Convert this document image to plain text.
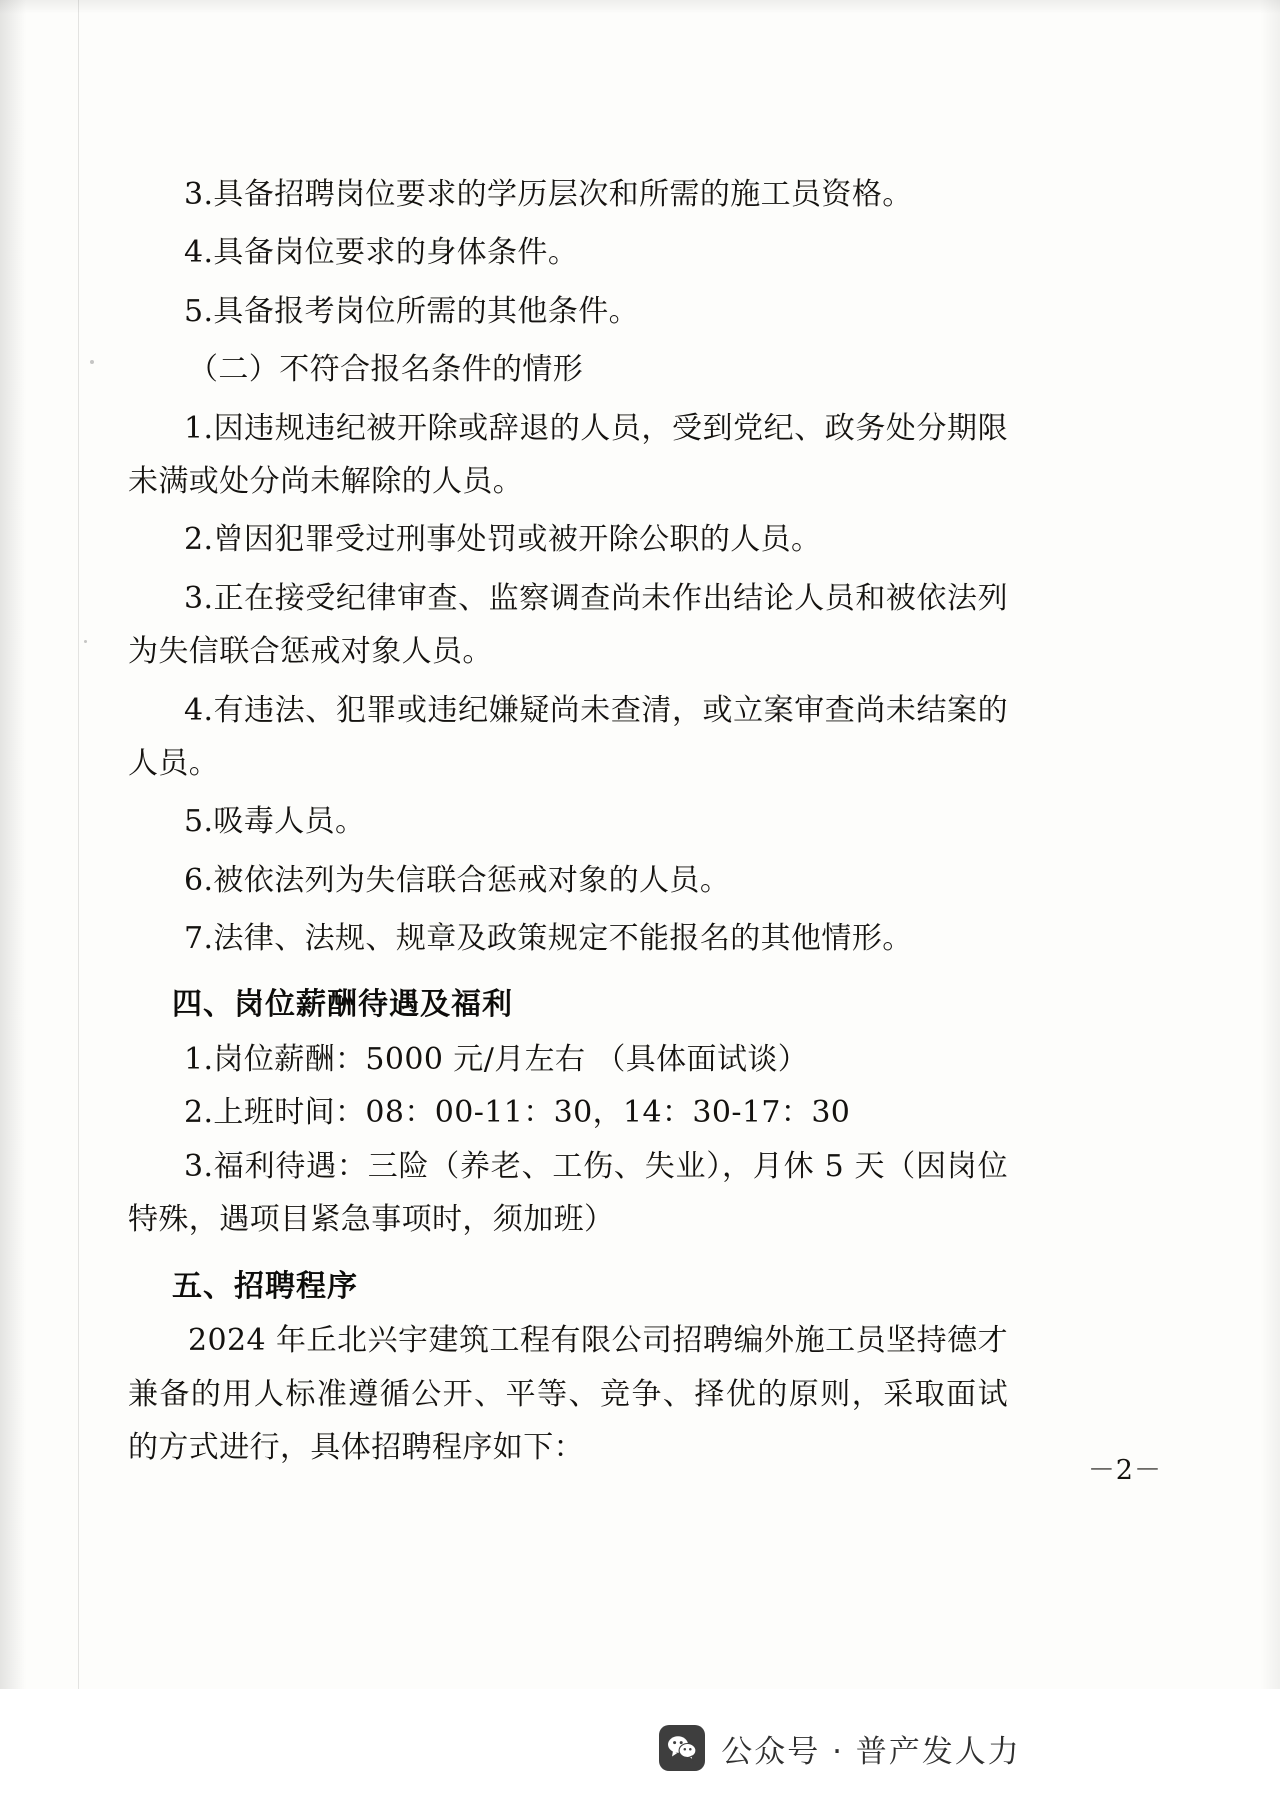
3.具备招聘岗位要求的学历层次和所需的施工员资格。

4.具备岗位要求的身体条件。

5.具备报考岗位所需的其他条件。

（二）不符合报名条件的情形

1.因违规违纪被开除或辞退的人员，受到党纪、政务处分期限未满或处分尚未解除的人员。

2.曾因犯罪受过刑事处罚或被开除公职的人员。

3.正在接受纪律审查、监察调查尚未作出结论人员和被依法列为失信联合惩戒对象人员。

4.有违法、犯罪或违纪嫌疑尚未查清，或立案审查尚未结案的人员。

5.吸毒人员。

6.被依法列为失信联合惩戒对象的人员。

7.法律、法规、规章及政策规定不能报名的其他情形。

四、岗位薪酬待遇及福利

1.岗位薪酬：5000 元/月左右 （具体面试谈）

2.上班时间：08：00-11：30，14：30-17：30

3.福利待遇：三险（养老、工伤、失业），月休 5 天（因岗位特殊，遇项目紧急事项时，须加班）

五、招聘程序

2024 年丘北兴宇建筑工程有限公司招聘编外施工员坚持德才兼备的用人标准遵循公开、平等、竞争、择优的原则，采取面试的方式进行，具体招聘程序如下：

－2－
公众号 · 普产发人力
